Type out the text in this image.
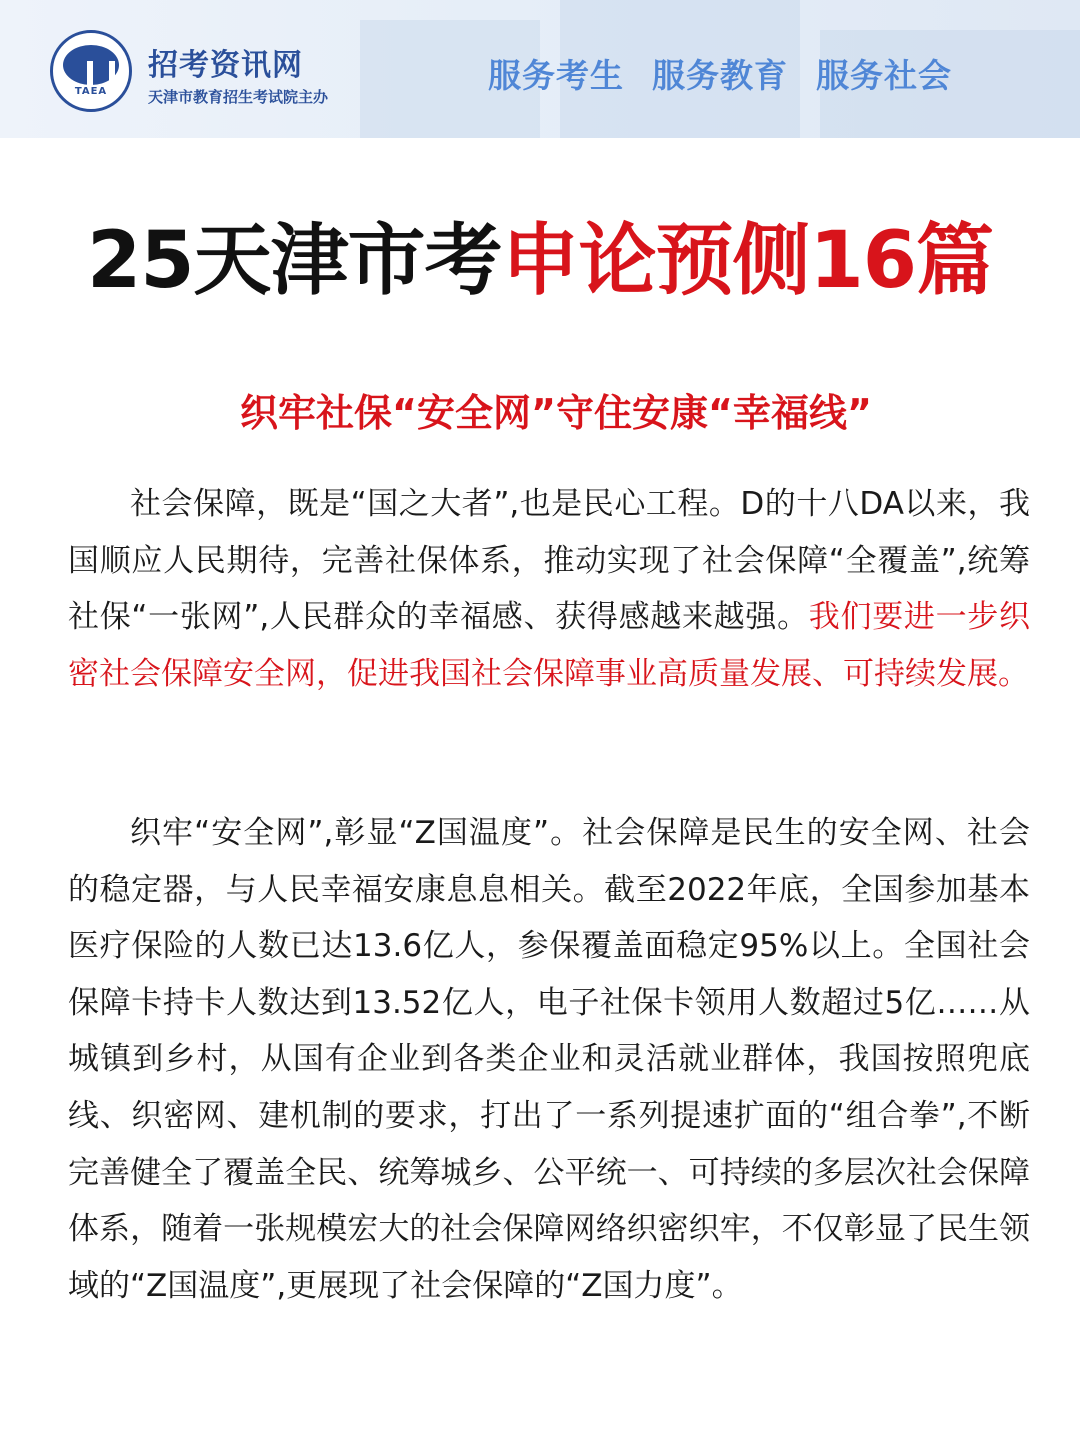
TAEA
招考资讯网
天津市教育招生考试院主办
服务考生 服务教育 服务社会
25天津市考申论预侧16篇
织牢社保“安全网”守住安康“幸福线”

社会保障，既是“国之大者”,也是民心工程。D的十八DA以来，我国顺应人民期待，完善社保体系，推动实现了社会保障“全覆盖”,统筹社保“一张网”,人民群众的幸福感、获得感越来越强。我们要进一步织密社会保障安全网，促进我国社会保障事业高质量发展、可持续发展。

织牢“安全网”,彰显“Z国温度”。社会保障是民生的安全网、社会的稳定器，与人民幸福安康息息相关。截至2022年底，全国参加基本医疗保险的人数已达13.6亿人，参保覆盖面稳定95%以上。全国社会保障卡持卡人数达到13.52亿人，电子社保卡领用人数超过5亿……从城镇到乡村，从国有企业到各类企业和灵活就业群体，我国按照兜底线、织密网、建机制的要求，打出了一系列提速扩面的“组合拳”,不断完善健全了覆盖全民、统筹城乡、公平统一、可持续的多层次社会保障体系，随着一张规模宏大的社会保障网络织密织牢，不仅彰显了民生领域的“Z国温度”,更展现了社会保障的“Z国力度”。
